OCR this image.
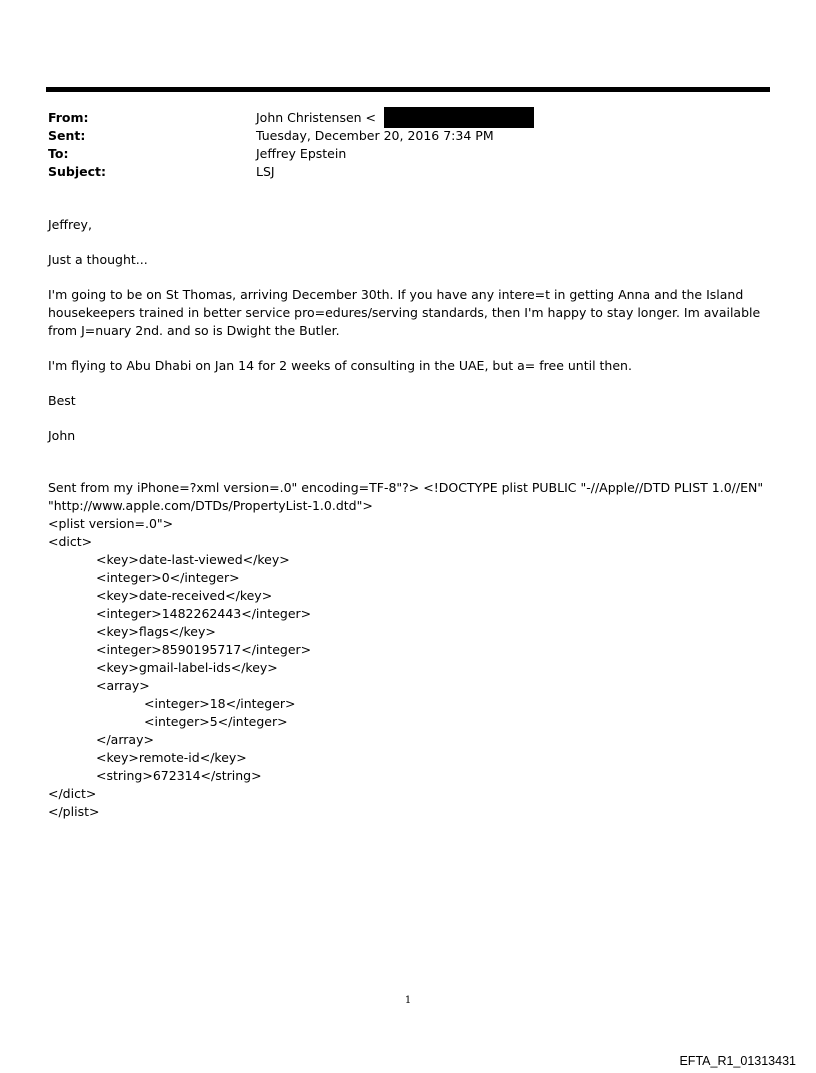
From:	John Christensen <
Sent:	Tuesday, December 20, 2016 7:34 PM
To:	Jeffrey Epstein
Subject:	LSJ

Jeffrey,

Just a thought...

I'm going to be on St Thomas, arriving December 30th. If you have any intere=t in getting Anna and the Island housekeepers trained in better service pro=edures/serving standards, then I'm happy to stay longer. Im available from J=nuary 2nd. and so is Dwight the Butler.

I'm flying to Abu Dhabi on Jan 14 for 2 weeks of consulting in the UAE, but a= free until then.

Best

John

Sent from my iPhone=?xml version=.0" encoding=TF-8"?> <!DOCTYPE plist PUBLIC "-//Apple//DTD PLIST 1.0//EN" "http://www.apple.com/DTDs/PropertyList-1.0.dtd">

<plist version=.0">

<dict>

<key>date-last-viewed</key>

<integer>0</integer>

<key>date-received</key>

<integer>1482262443</integer>

<key>flags</key>

<integer>8590195717</integer>

<key>gmail-label-ids</key>

<array>

<integer>18</integer>

<integer>5</integer>

</array>

<key>remote-id</key>

<string>672314</string>

</dict>

</plist>

1
EFTA_R1_01313431
